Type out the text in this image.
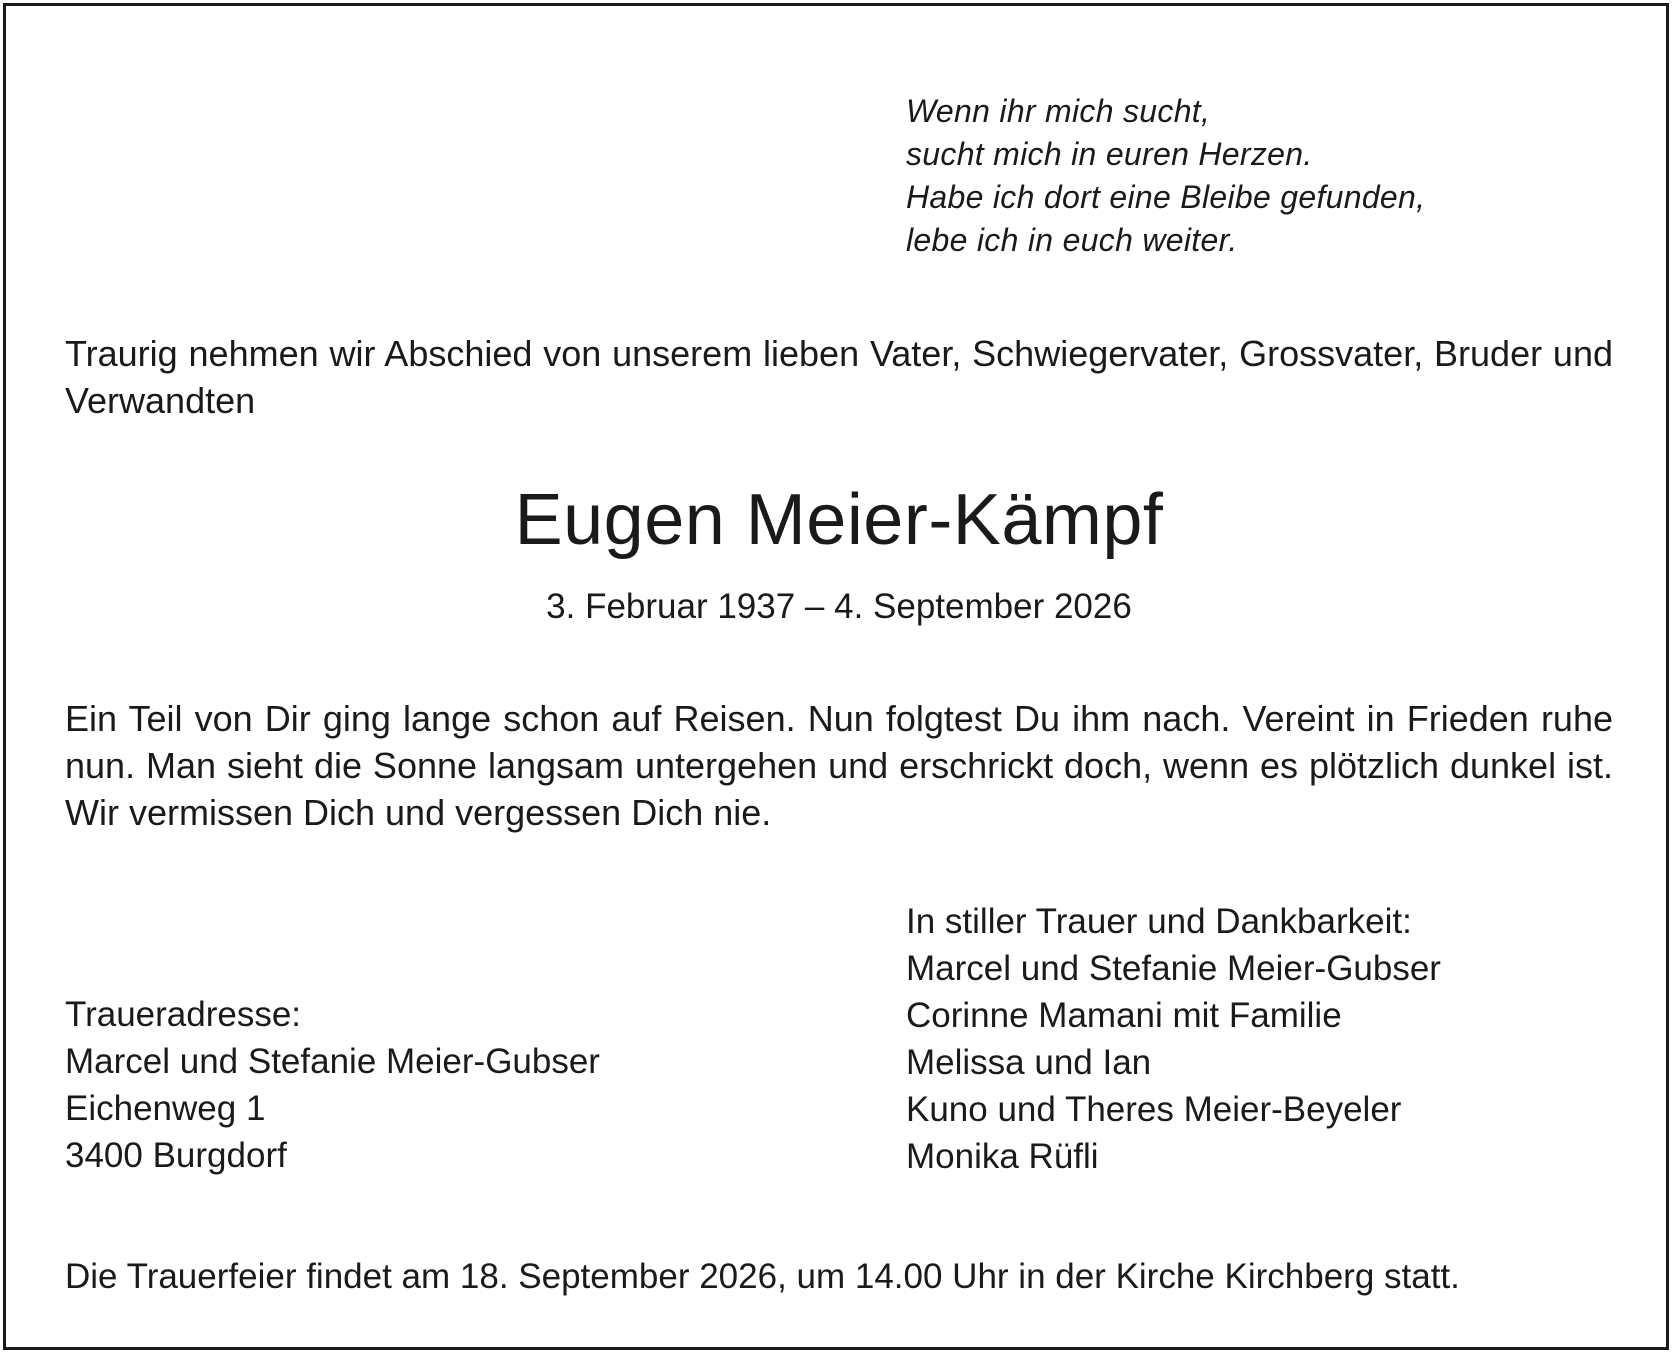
Wenn ihr mich sucht,
sucht mich in euren Herzen.
Habe ich dort eine Bleibe gefunden,
lebe ich in euch weiter.
Traurig nehmen wir Abschied von unserem lieben Vater, Schwiegervater, Grossvater, Bruder und Verwandten
Eugen Meier-Kämpf
3. Februar 1937 – 4. September 2026
Ein Teil von Dir ging lange schon auf Reisen. Nun folgtest Du ihm nach. Vereint in Frieden ruhe nun. Man sieht die Sonne langsam untergehen und erschrickt doch, wenn es plötzlich dunkel ist. Wir vermissen Dich und vergessen Dich nie.
Traueradresse:
Marcel und Stefanie Meier-Gubser
Eichenweg 1
3400 Burgdorf
In stiller Trauer und Dankbarkeit:
Marcel und Stefanie Meier-Gubser
Corinne Mamani mit Familie
Melissa und Ian
Kuno und Theres Meier-Beyeler
Monika Rüfli
Die Trauerfeier findet am 18. September 2026, um 14.00 Uhr in der Kirche Kirchberg statt.
